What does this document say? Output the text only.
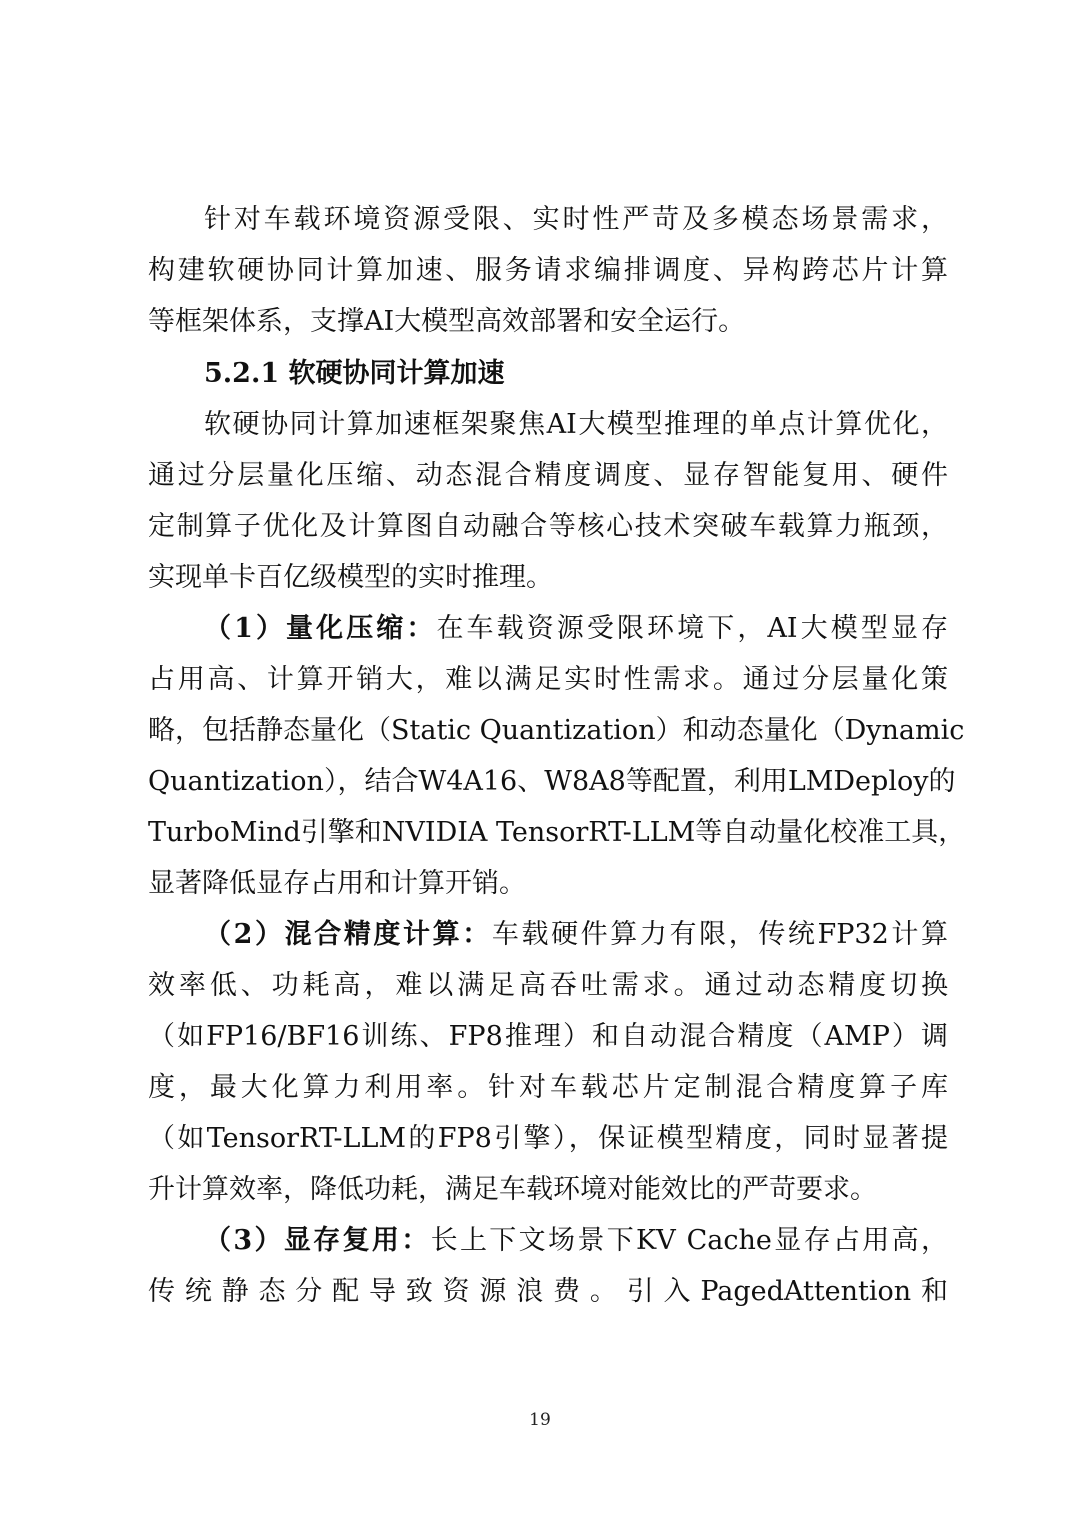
针对车载环境资源受限、实时性严苛及多模态场景需求，
构建软硬协同计算加速、服务请求编排调度、异构跨芯片计算
等框架体系，支撑AI大模型高效部署和安全运行。
5.2.1 软硬协同计算加速
软硬协同计算加速框架聚焦AI大模型推理的单点计算优化，
通过分层量化压缩、动态混合精度调度、显存智能复用、硬件
定制算子优化及计算图自动融合等核心技术突破车载算力瓶颈，
实现单卡百亿级模型的实时推理。
（1）量化压缩：在车载资源受限环境下，AI大模型显存
占用高、计算开销大，难以满足实时性需求。通过分层量化策
略，包括静态量化（Static Quantization）和动态量化（Dynamic
Quantization），结合W4A16、W8A8等配置，利用LMDeploy的
TurboMind引擎和NVIDIA TensorRT-LLM等自动量化校准工具，
显著降低显存占用和计算开销。
（2）混合精度计算：车载硬件算力有限，传统FP32计算
效率低、功耗高，难以满足高吞吐需求。通过动态精度切换
（如FP16/BF16训练、FP8推理）和自动混合精度（AMP）调
度，最大化算力利用率。针对车载芯片定制混合精度算子库
（如TensorRT-LLM的FP8引擎），保证模型精度，同时显著提
升计算效率，降低功耗，满足车载环境对能效比的严苛要求。
（3）显存复用：长上下文场景下KV Cache显存占用高，
传统静态分配导致资源浪费。引入PagedAttention和
19
